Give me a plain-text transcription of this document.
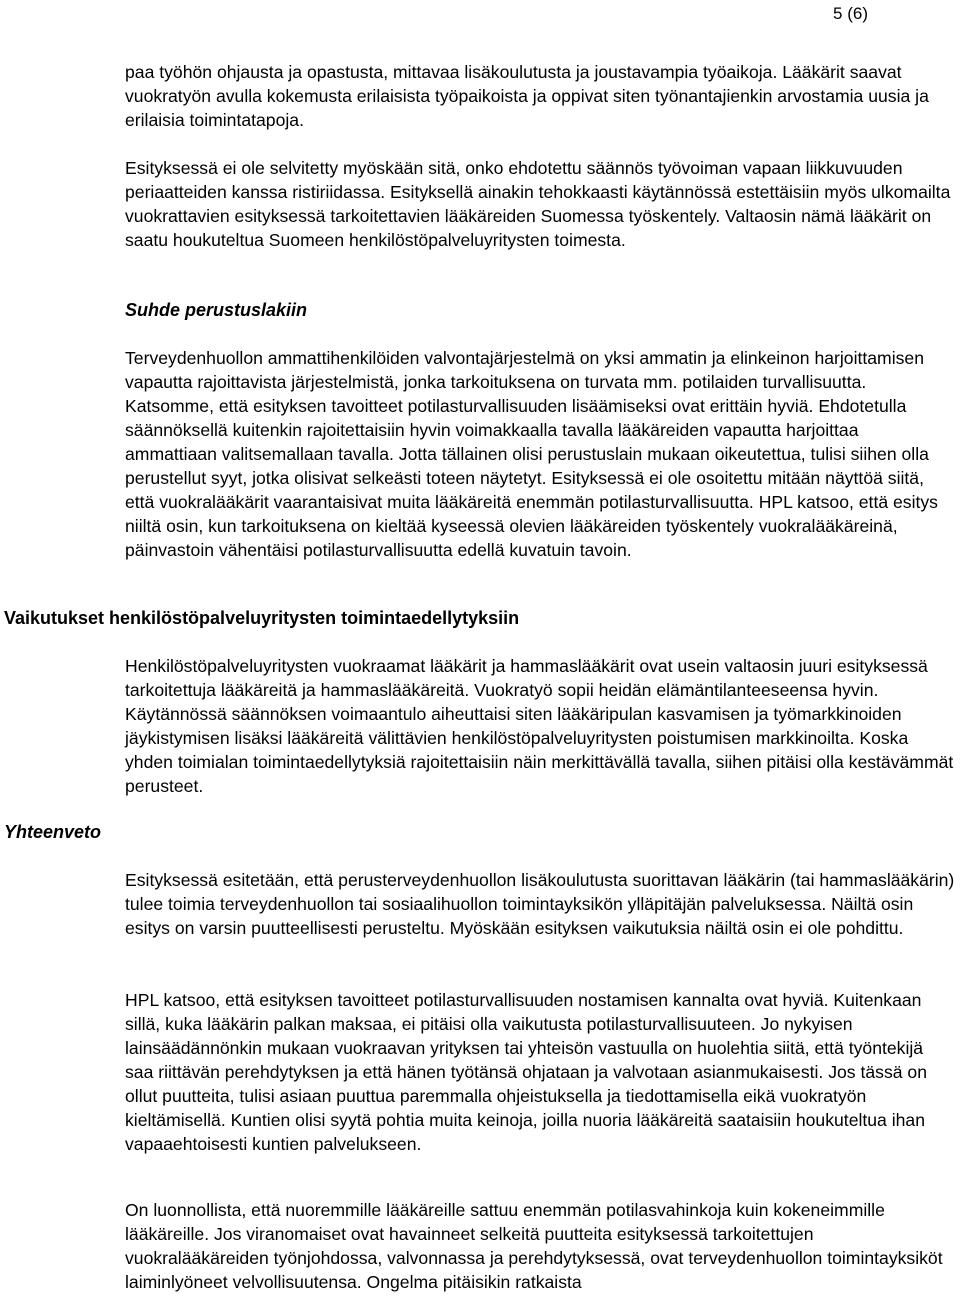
5 (6)

paa työhön ohjausta ja opastusta, mittavaa lisäkoulutusta ja joustavampia työaikoja. Lääkärit saavat vuokratyön avulla kokemusta erilaisista työpaikoista ja oppivat siten työnantajienkin arvostamia uusia ja erilaisia toimintatapoja.

Esityksessä ei ole selvitetty myöskään sitä, onko ehdotettu säännös työvoiman vapaan liikkuvuuden periaatteiden kanssa ristiriidassa. Esityksellä ainakin tehokkaasti käytännössä estettäisiin myös ulkomailta vuokrattavien esityksessä tarkoitettavien lääkäreiden Suomessa työskentely. Valtaosin nämä lääkärit on saatu houkuteltua Suomeen henkilöstöpalveluyritysten toimesta.

Suhde perustuslakiin

Terveydenhuollon ammattihenkilöiden valvontajärjestelmä on yksi ammatin ja elinkeinon harjoittamisen vapautta rajoittavista järjestelmistä, jonka tarkoituksena on turvata mm. potilaiden turvallisuutta. Katsomme, että esityksen tavoitteet potilasturvallisuuden lisäämiseksi ovat erittäin hyviä. Ehdotetulla säännöksellä kuitenkin rajoitettaisiin hyvin voimakkaalla tavalla lääkäreiden vapautta harjoittaa ammattiaan valitsemallaan tavalla. Jotta tällainen olisi perustuslain mukaan oikeutettua, tulisi siihen olla perustellut syyt, jotka olisivat selkeästi toteen näytetyt. Esityksessä ei ole osoitettu mitään näyttöä siitä, että vuokralääkärit vaarantaisivat muita lääkäreitä enemmän potilasturvallisuutta. HPL katsoo, että esitys niiltä osin, kun tarkoituksena on kieltää kyseessä olevien lääkäreiden työskentely vuokralääkäreinä, päinvastoin vähentäisi potilasturvallisuutta edellä kuvatuin tavoin.

Vaikutukset henkilöstöpalveluyritysten toimintaedellytyksiin

Henkilöstöpalveluyritysten vuokraamat lääkärit ja hammaslääkärit ovat usein valtaosin juuri esityksessä tarkoitettuja lääkäreitä ja hammaslääkäreitä. Vuokratyö sopii heidän elämäntilanteeseensa hyvin. Käytännössä säännöksen voimaantulo aiheuttaisi siten lääkäripulan kasvamisen ja työmarkkinoiden jäykistymisen lisäksi lääkäreitä välittävien henkilöstöpalveluyritysten poistumisen markkinoilta. Koska yhden toimialan toimintaedellytyksiä rajoitettaisiin näin merkittävällä tavalla, siihen pitäisi olla kestävämmät perusteet.

Yhteenveto

Esityksessä esitetään, että perusterveydenhuollon lisäkoulutusta suorittavan lääkärin (tai hammaslääkärin) tulee toimia terveydenhuollon tai sosiaalihuollon toimintayksikön ylläpitäjän palveluksessa. Näiltä osin esitys on varsin puutteellisesti perusteltu. Myöskään esityksen vaikutuksia näiltä osin ei ole pohdittu.

HPL katsoo, että esityksen tavoitteet potilasturvallisuuden nostamisen kannalta ovat hyviä. Kuitenkaan sillä, kuka lääkärin palkan maksaa, ei pitäisi olla vaikutusta potilasturvallisuuteen. Jo nykyisen lainsäädännönkin mukaan vuokraavan yrityksen tai yhteisön vastuulla on huolehtia siitä, että työntekijä saa riittävän perehdytyksen ja että hänen työtänsä ohjataan ja valvotaan asianmukaisesti. Jos tässä on ollut puutteita, tulisi asiaan puuttua paremmalla ohjeistuksella ja tiedottamisella eikä vuokratyön kieltämisellä. Kuntien olisi syytä pohtia muita keinoja, joilla nuoria lääkäreitä saataisiin houkuteltua ihan vapaaehtoisesti kuntien palvelukseen.

On luonnollista, että nuoremmille lääkäreille sattuu enemmän potilasvahinkoja kuin kokeneimmille lääkäreille. Jos viranomaiset ovat havainneet selkeitä puutteita esityksessä tarkoitettujen vuokralääkäreiden työnjohdossa, valvonnassa ja perehdytyksessä, ovat terveydenhuollon toimintayksiköt laiminlyöneet velvollisuutensa. Ongelma pitäisikin ratkaista
